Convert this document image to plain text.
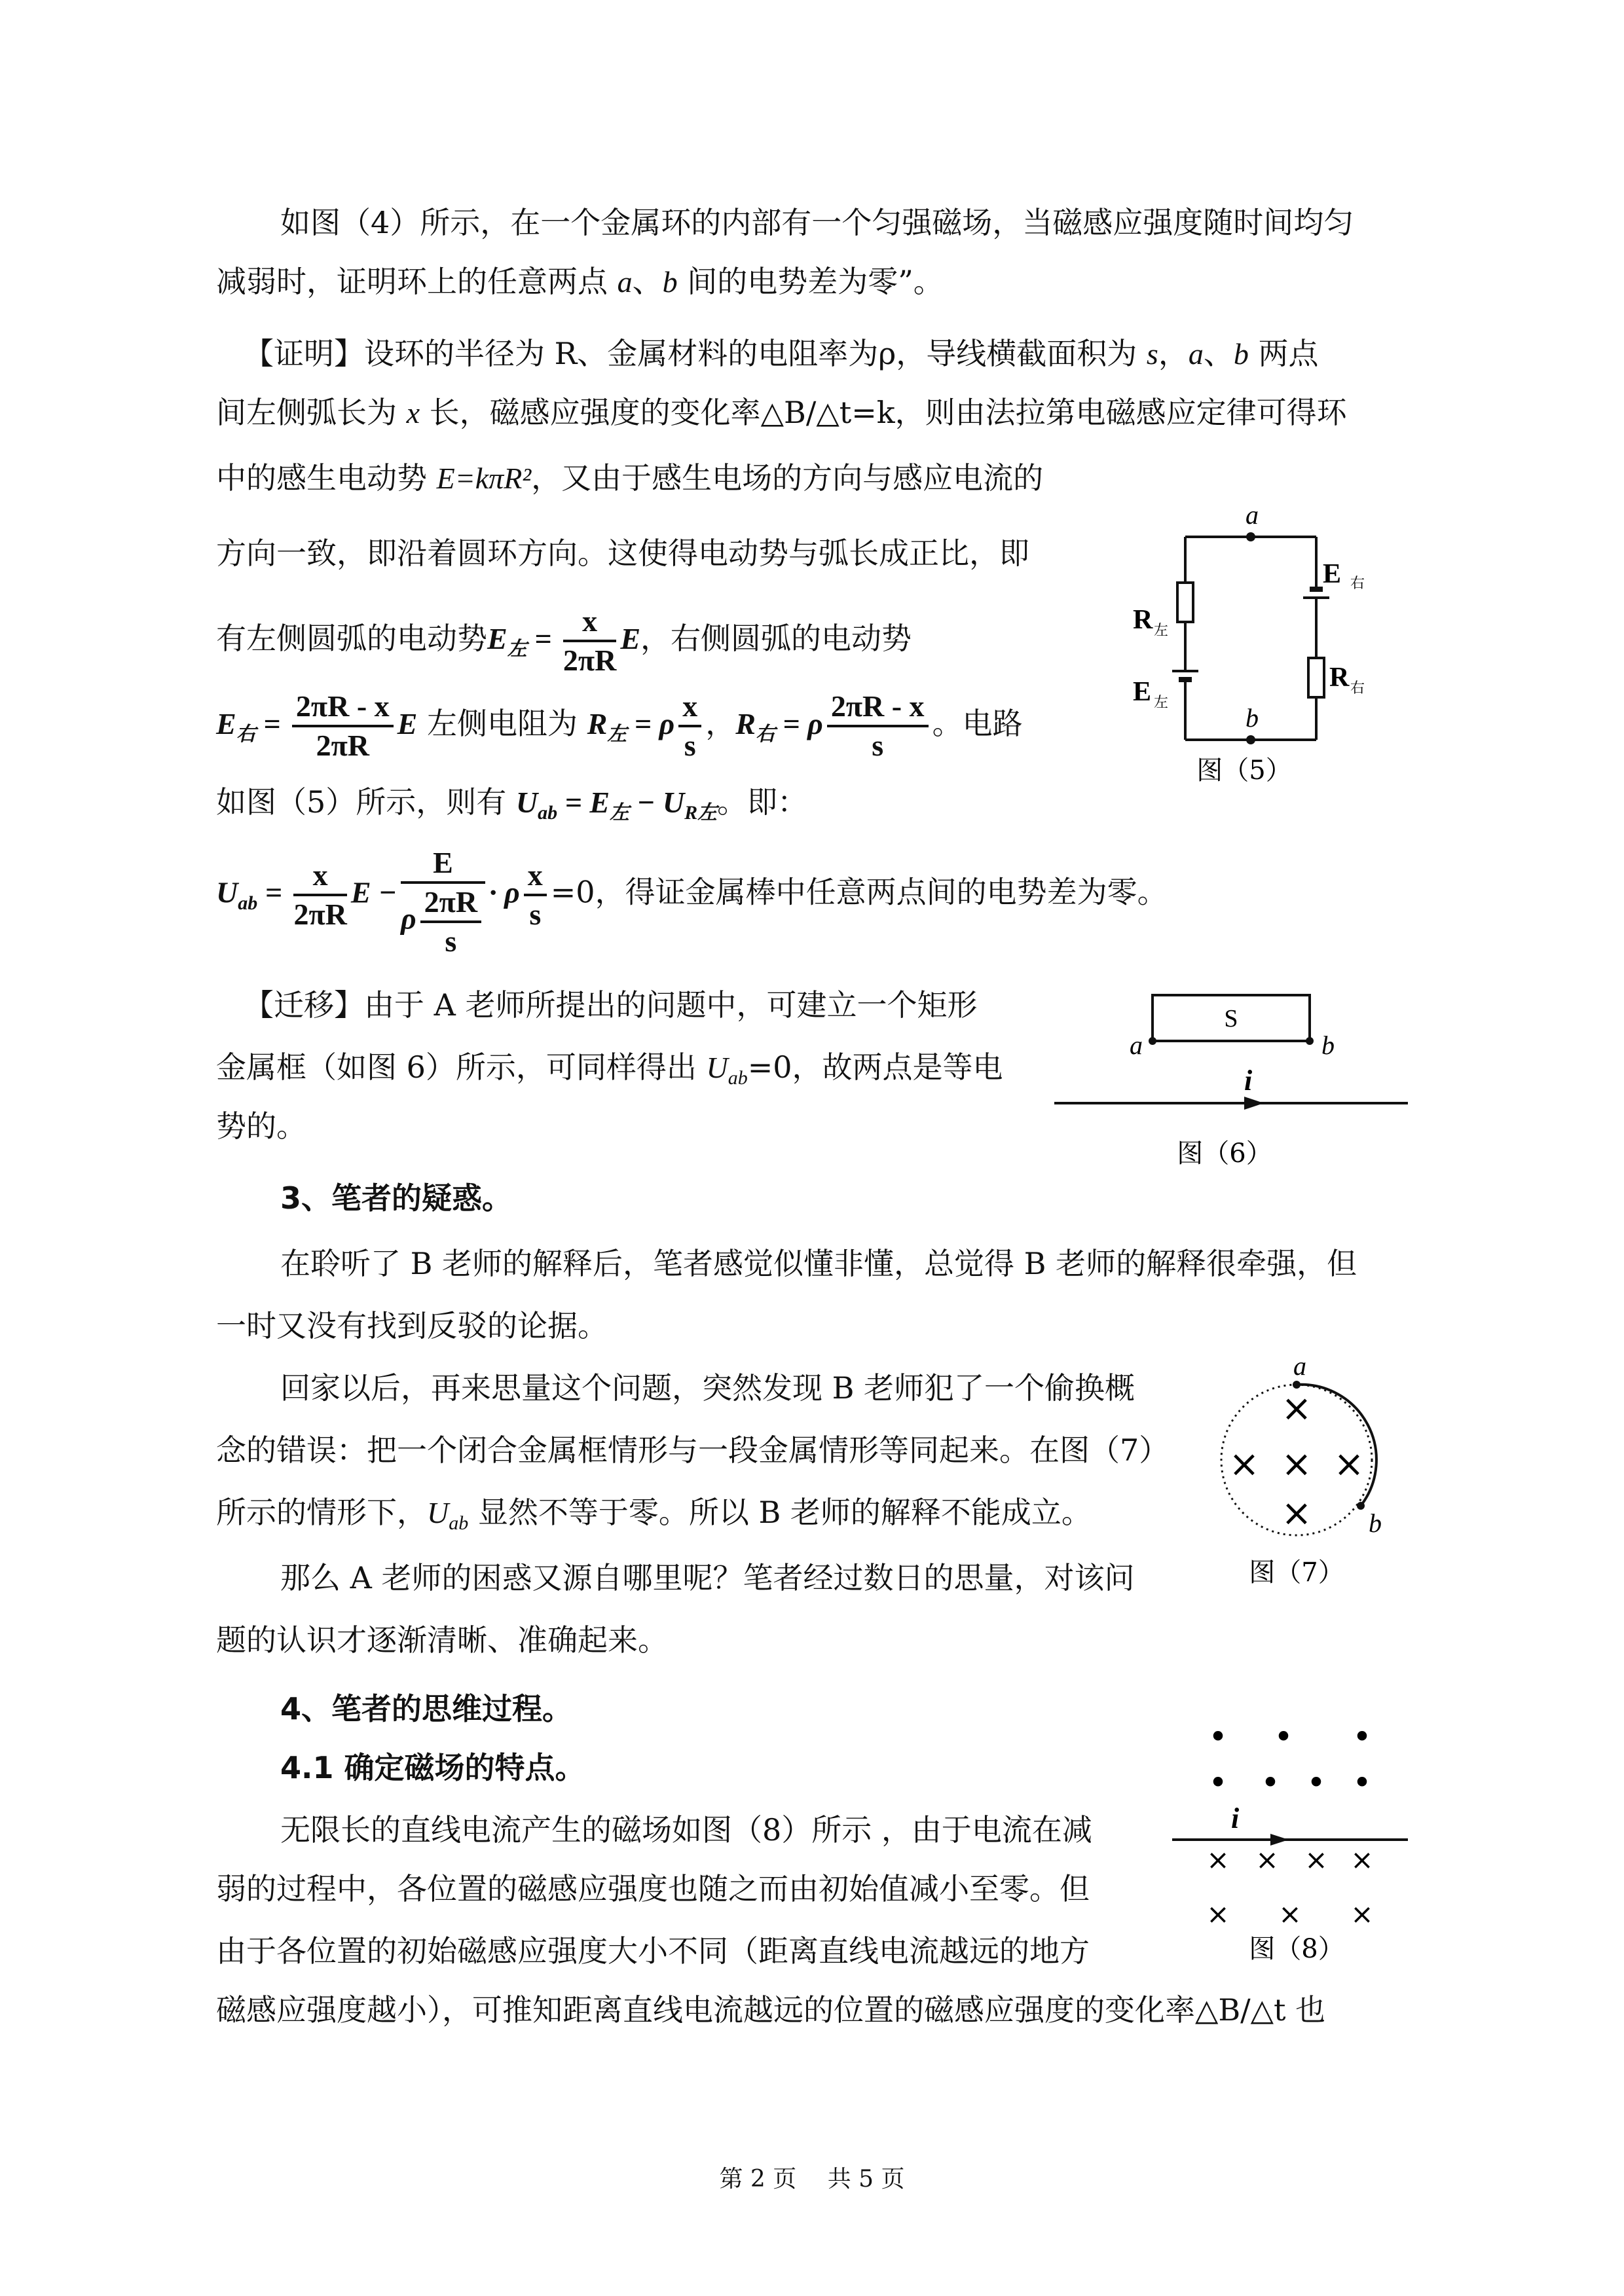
如图（4）所示，在一个金属环的内部有一个匀强磁场，当磁感应强度随时间均匀
减弱时，证明环上的任意两点 a、b 间的电势差为零”。
【证明】设环的半径为 R、金属材料的电阻率为ρ，导线横截面积为 s，a、b 两点
间左侧弧长为 x 长，磁感应强度的变化率△B/△t=k，则由法拉第电磁感应定律可得环
中的感生电动势 E=kπR²，又由于感生电场的方向与感应电流的
方向一致，即沿着圆环方向。这使得电动势与弧长成正比，即
有左侧圆弧的电动势$E_左 = \frac{x}{2\pi R}$ E，右侧圆弧的电动势
$E_右 = \frac{2\pi R - x}{2\pi R}$ E 左侧电阻为 $R_左 = \rho \frac{x}{s}$ ，$R_右 = \rho \frac{2\pi R - x}{s}$ 。电路
如图（5）所示，则有 $U_{ab} = E_左 - U_{R左}$。即：
$U_{ab} = \frac{x}{2\pi R}$ $E - \frac{E}{\rho \frac{2\pi R}{s}} \cdot \rho \frac{x}{s} =0$，得证金属棒中任意两点间的电势差为零。
【迁移】由于 A 老师所提出的问题中，可建立一个矩形
金属框（如图 6）所示，可同样得出 $U_{ab}=0$，故两点是等电
势的。
3、笔者的疑惑。
在聆听了 B 老师的解释后，笔者感觉似懂非懂，总觉得 B 老师的解释很牵强，但
一时又没有找到反驳的论据。
回家以后，再来思量这个问题，突然发现 B 老师犯了一个偷换概
念的错误：把一个闭合金属框情形与一段金属情形等同起来。在图（7）
所示的情形下，$U_{ab}$ 显然不等于零。所以 B 老师的解释不能成立。
那么 A 老师的困惑又源自哪里呢？笔者经过数日的思量，对该问
题的认识才逐渐清晰、准确起来。
4、笔者的思维过程。
4.1 确定磁场的特点。
无限长的直线电流产生的磁场如图（8）所示 ，由于电流在减
弱的过程中，各位置的磁感应强度也随之而由初始值减小至零。但
由于各位置的初始磁感应强度大小不同（距离直线电流越远的地方
磁感应强度越小），可推知距离直线电流越远的位置的磁感应强度的变化率△B/△t 也
a
b
E 右
R 右
R 左
E 左
图（5）
S
a	b
i
图（6）
a
b
×
× × ×
×
图（7）
• • •
• • • •
i
× × × ×
× × ×
图（8）
第 2 页　 共 5 页
